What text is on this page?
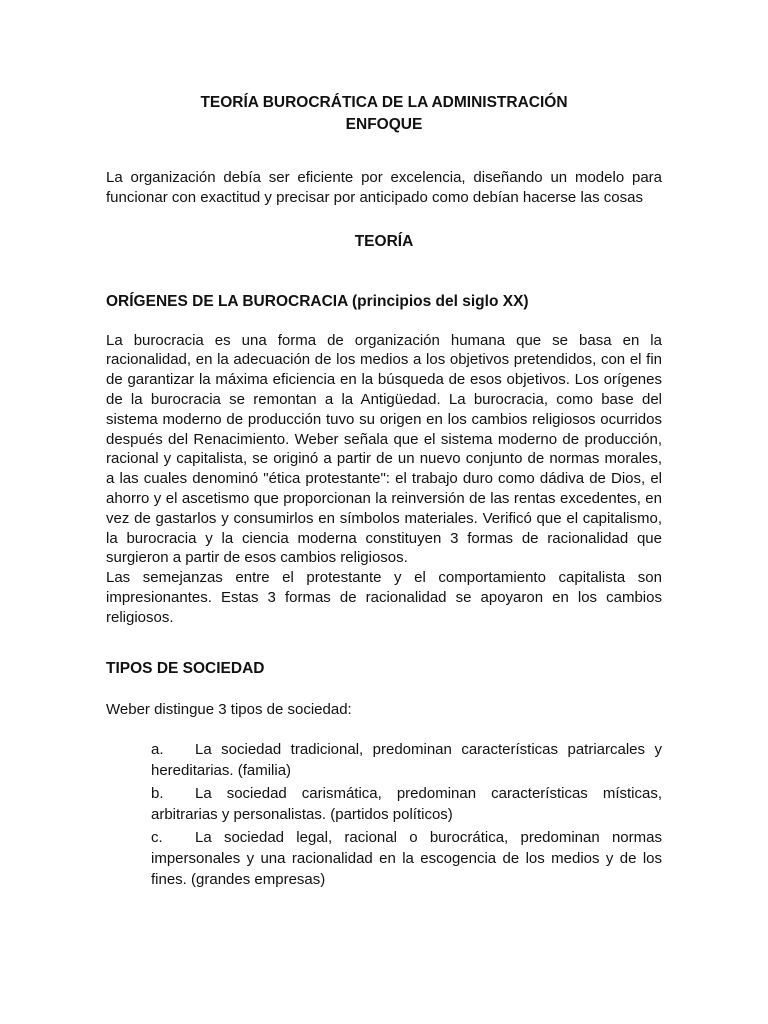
TEORÍA BUROCRÁTICA DE LA ADMINISTRACIÓN
ENFOQUE

La organización debía ser eficiente por excelencia, diseñando un modelo para funcionar con exactitud y precisar por anticipado como debían hacerse las cosas

TEORÍA

ORÍGENES DE LA BUROCRACIA (principios del siglo XX)

La burocracia es una forma de organización humana que se basa en la racionalidad, en la adecuación de los medios a los objetivos pretendidos, con el fin de garantizar la máxima eficiencia en la búsqueda de esos objetivos. Los orígenes de la burocracia se remontan a la Antigüedad. La burocracia, como base del sistema moderno de producción tuvo su origen en los cambios religiosos ocurridos después del Renacimiento. Weber señala que el sistema moderno de producción, racional y capitalista, se originó a partir de un nuevo conjunto de normas morales, a las cuales denominó "ética protestante": el trabajo duro como dádiva de Dios, el ahorro y el ascetismo que proporcionan la reinversión de las rentas excedentes, en vez de gastarlos y consumirlos en símbolos materiales. Verificó que el capitalismo, la burocracia y la ciencia moderna constituyen 3 formas de racionalidad que surgieron a partir de esos cambios religiosos.

Las semejanzas entre el protestante y el comportamiento capitalista son impresionantes. Estas 3 formas de racionalidad se apoyaron en los cambios religiosos.

TIPOS DE SOCIEDAD

Weber distingue 3 tipos de sociedad:

a. La sociedad tradicional, predominan características patriarcales y hereditarias. (familia)

b. La sociedad carismática, predominan características místicas, arbitrarias y personalistas. (partidos políticos)

c. La sociedad legal, racional o burocrática, predominan normas impersonales y una racionalidad en la escogencia de los medios y de los fines. (grandes empresas)
